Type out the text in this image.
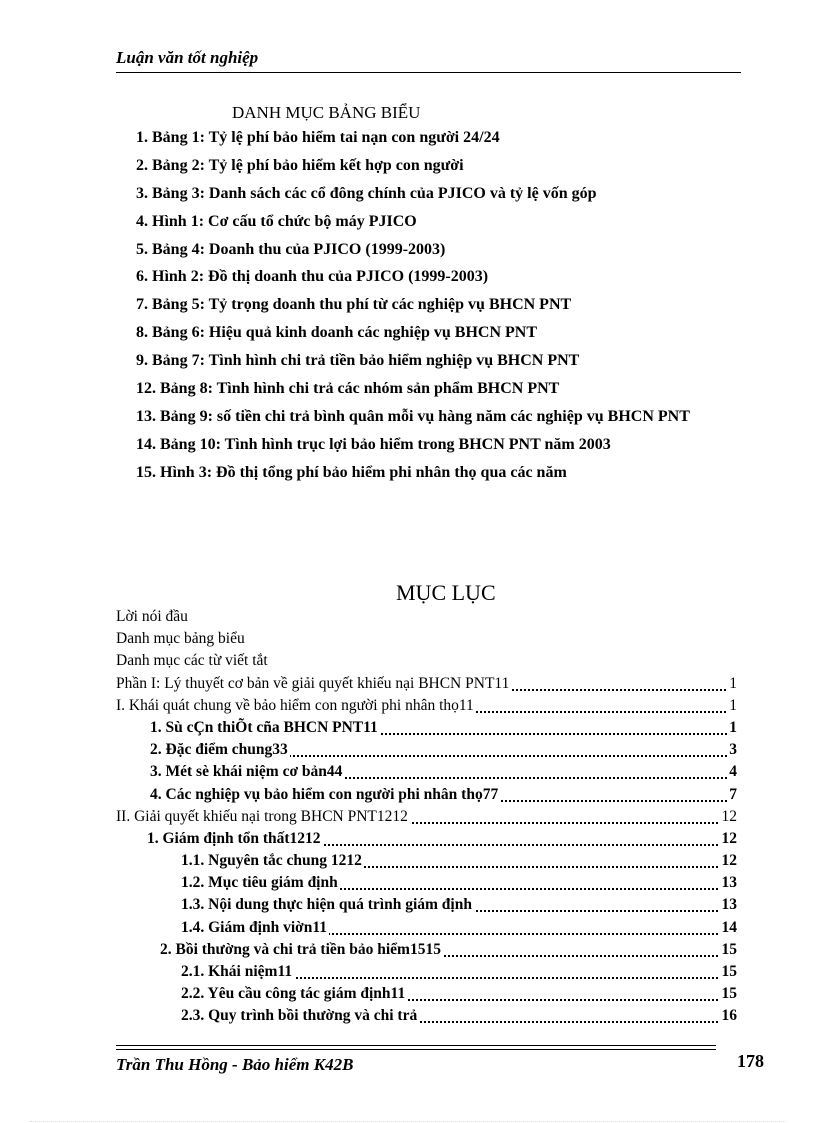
Luận văn tốt nghiệp
DANH MỤC BẢNG BIỂU
1. Bảng 1: Tỷ lệ phí bảo hiểm tai nạn con người 24/24
2. Bảng 2: Tỷ lệ phí bảo hiểm kết hợp con người
3. Bảng 3: Danh sách các cổ đông chính của PJICO và tỷ lệ vốn góp
4. Hình 1: Cơ cấu tổ chức bộ máy PJICO
5. Bảng 4: Doanh thu của PJICO (1999-2003)
6. Hình 2: Đồ thị doanh thu của PJICO (1999-2003)
7. Bảng 5: Tỷ trọng doanh thu phí từ các nghiệp vụ BHCN PNT
8. Bảng 6: Hiệu quả kinh doanh các nghiệp vụ BHCN PNT
9. Bảng 7: Tình hình chi trả tiền bảo hiểm nghiệp vụ BHCN PNT
12. Bảng 8: Tình hình chi trả các nhóm sản phẩm BHCN PNT
13. Bảng 9: số tiền chi trả bình quân mỗi vụ hàng năm các nghiệp vụ BHCN PNT
14. Bảng 10: Tình hình trục lợi bảo hiểm trong BHCN PNT năm 2003
15. Hình 3: Đồ thị tổng phí bảo hiểm phi nhân thọ qua các năm
MỤC LỤC
Lời nói đầu
Danh mục bảng biểu
Danh mục các từ viết tắt
Phần I: Lý thuyết cơ bản về giải quyết khiếu nại BHCN PNT11	1
I. Khái quát chung về bảo hiểm con người phi nhân thọ11	1
1. Sù cÇn thiÕt cña BHCN PNT11	1
2. Đặc điểm chung33	3
3. Mét sè khái niệm cơ bản44	4
4. Các nghiệp vụ bảo hiểm con người phi nhân thọ77	7
II. Giải quyết khiếu nại trong BHCN PNT1212	12
1. Giám định tổn thất1212	12
1.1. Nguyên tắc chung 1212	12
1.2. Mục tiêu giám định	13
1.3. Nội dung thực hiện quá trình giám định	13
1.4. Giám định viờn11	14
2. Bồi thường và chi trả tiền bảo hiểm1515	15
2.1. Khái niệm11	15
2.2. Yêu cầu công tác giám định11	15
2.3. Quy trình bồi thường và chi trả	16
Trần Thu Hồng - Bảo hiểm K42B	178
